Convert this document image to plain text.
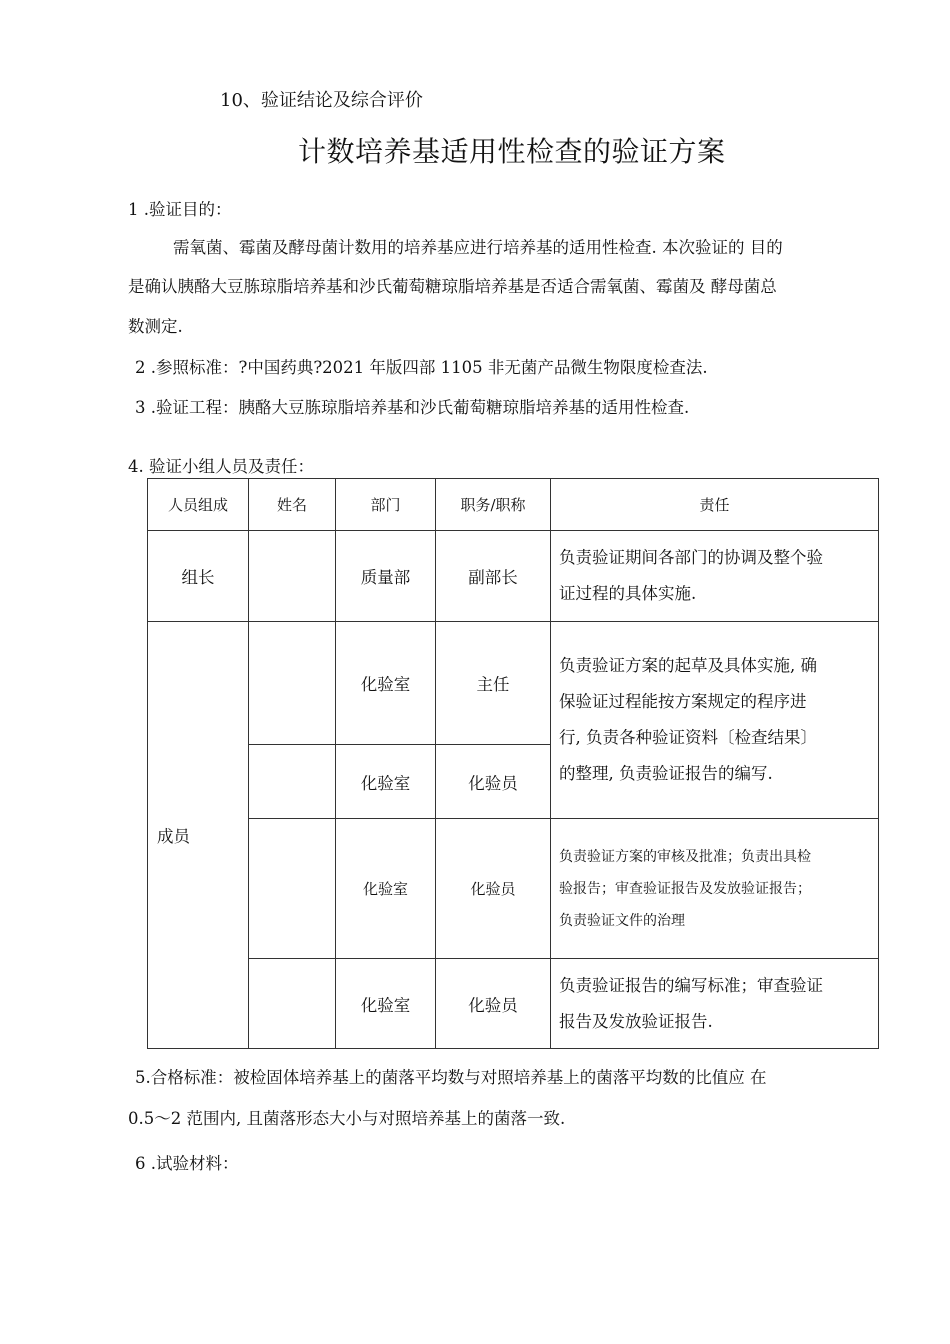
10、验证结论及综合评价
计数培养基适用性检查的验证方案
1 .验证目的：
需氧菌、霉菌及酵母菌计数用的培养基应进行培养基的适用性检查. 本次验证的 目的
是确认胰酪大豆胨琼脂培养基和沙氏葡萄糖琼脂培养基是否适合需氧菌、霉菌及 酵母菌总
数测定.
2 .参照标准：?中国药典?2021 年版四部 1105 非无菌产品微生物限度检查法.
3 .验证工程：胰酪大豆胨琼脂培养基和沙氏葡萄糖琼脂培养基的适用性检查.
4. 验证小组人员及责任：
人员组成	姓名	部门	职务/职称	责任
组长		质量部	副部长	负责验证期间各部门的协调及整个验
证过程的具体实施.

成员		化验室	主任	负责验证方案的起草及具体实施, 确
保验证过程能按方案规定的程序进
行, 负责各种验证资料〔检查结果〕
的整理, 负责验证报告的编写.

		化验室	化验员	
		化验室	化验员	负责验证方案的审核及批准；负责出具检
验报告；审查验证报告及发放验证报告；
负责验证文件的治理

		化验室	化验员	负责验证报告的编写标准；审查验证
报告及发放验证报告.
5.合格标准：被检固体培养基上的菌落平均数与对照培养基上的菌落平均数的比值应 在
0.5〜2 范围内, 且菌落形态大小与对照培养基上的菌落一致.
6 .试验材料：
